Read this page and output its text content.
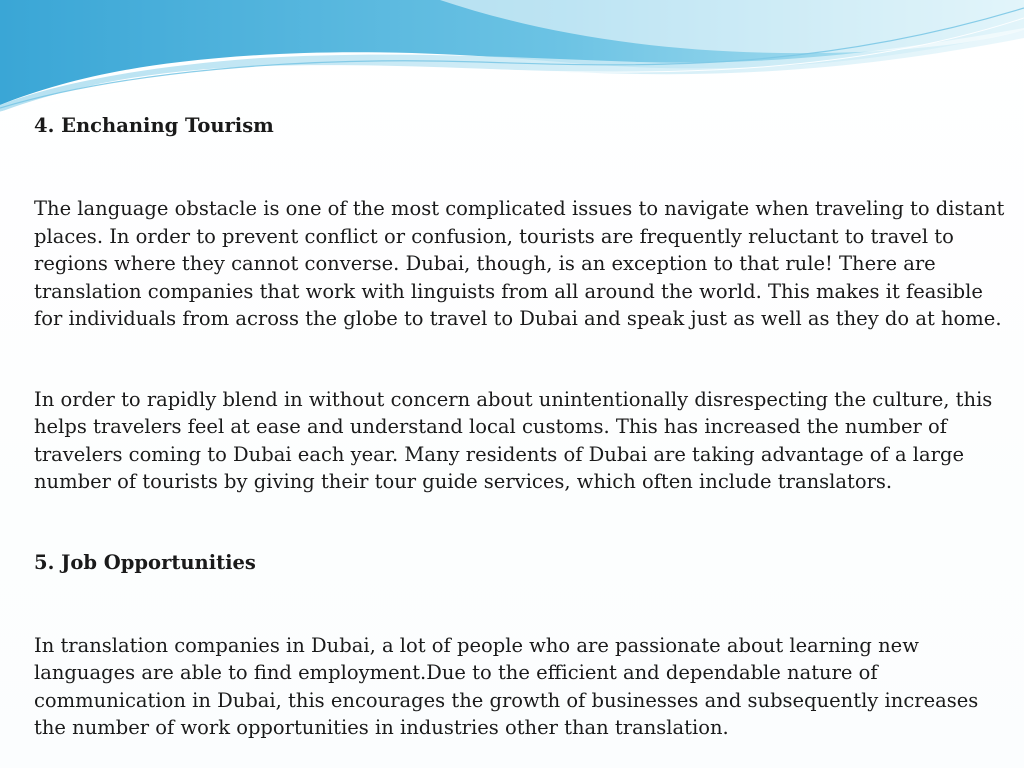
4. Enchaning Tourism

The language obstacle is one of the most complicated issues to navigate when traveling to distant places. In order to prevent conflict or confusion, tourists are frequently reluctant to travel to regions where they cannot converse. Dubai, though, is an exception to that rule! There are translation companies that work with linguists from all around the world. This makes it feasible for individuals from across the globe to travel to Dubai and speak just as well as they do at home.

In order to rapidly blend in without concern about unintentionally disrespecting the culture, this helps travelers feel at ease and understand local customs. This has increased the number of travelers coming to Dubai each year. Many residents of Dubai are taking advantage of a large number of tourists by giving their tour guide services, which often include translators.

5. Job Opportunities

In translation companies in Dubai, a lot of people who are passionate about learning new languages are able to find employment.Due to the efficient and dependable nature of communication in Dubai, this encourages the growth of businesses and subsequently increases the number of work opportunities in industries other than translation.
